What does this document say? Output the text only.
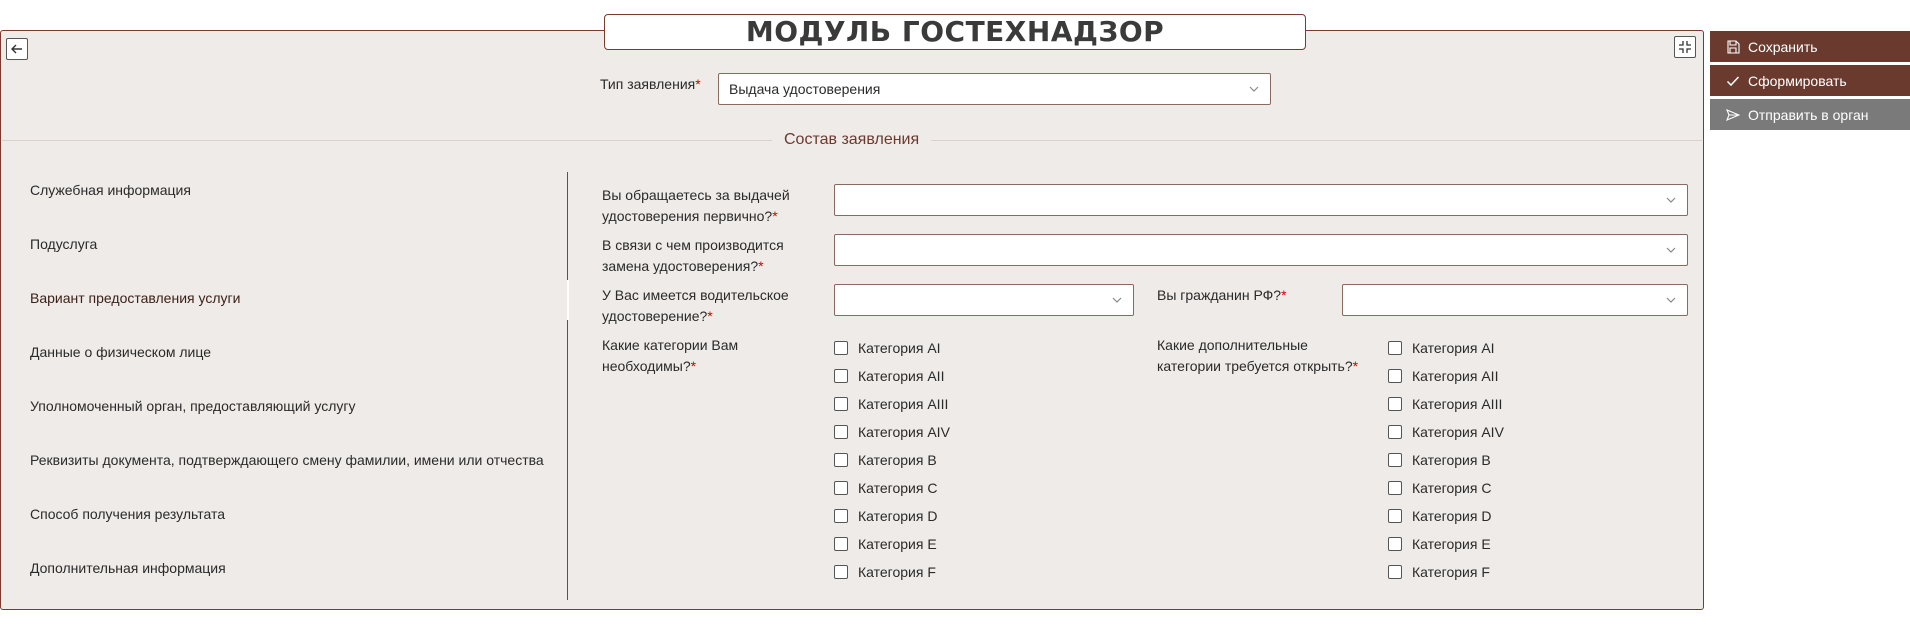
МОДУЛЬ ГОСТЕХНАДЗОР
Тип заявления* Выдача удостоверения
Состав заявления
Служебная информация
Подуслуга
Вариант предоставления услуги
Данные о физическом лице
Уполномоченный орган, предоставляющий услугу
Реквизиты документа, подтверждающего смену фамилии, имени или отчества
Способ получения результата
Дополнительная информация
Вы обращаетесь за выдачей
удостоверения первично?*
В связи с чем производится
замена удостоверения?*
У Вас имеется водительское
удостоверение?*
Вы гражданин РФ?*
Какие категории Вам
необходимы?*
Категория AI
Категория AII
Категория AIII
Категория AIV
Категория B
Категория C
Категория D
Категория E
Категория F
Какие дополнительные
категории требуется открыть?*
Категория AI
Категория AII
Категория AIII
Категория AIV
Категория B
Категория C
Категория D
Категория E
Категория F
Сохранить
Сформировать
Отправить в орган
